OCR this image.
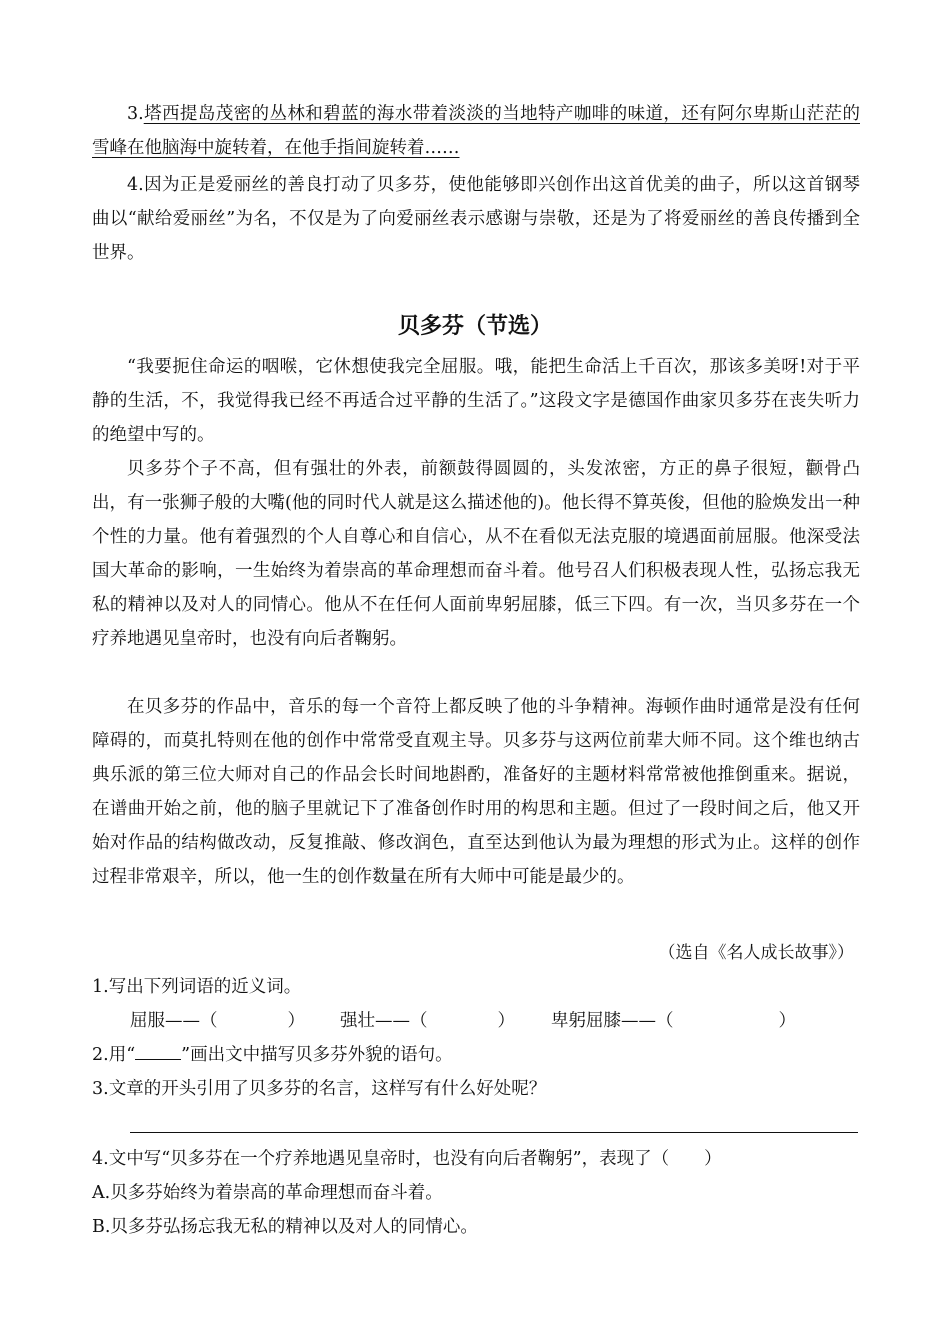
3.塔西提岛茂密的丛林和碧蓝的海水带着淡淡的当地特产咖啡的味道，还有阿尔卑斯山茫茫的雪峰在他脑海中旋转着，在他手指间旋转着……

4.因为正是爱丽丝的善良打动了贝多芬，使他能够即兴创作出这首优美的曲子，所以这首钢琴曲以“献给爱丽丝”为名，不仅是为了向爱丽丝表示感谢与崇敬，还是为了将爱丽丝的善良传播到全世界。

贝多芬（节选）

“我要扼住命运的咽喉，它休想使我完全屈服。哦，能把生命活上千百次，那该多美呀!对于平静的生活，不，我觉得我已经不再适合过平静的生活了。”这段文字是德国作曲家贝多芬在丧失听力的绝望中写的。

贝多芬个子不高，但有强壮的外表，前额鼓得圆圆的，头发浓密，方正的鼻子很短，颧骨凸出，有一张狮子般的大嘴(他的同时代人就是这么描述他的)。他长得不算英俊，但他的脸焕发出一种个性的力量。他有着强烈的个人自尊心和自信心，从不在看似无法克服的境遇面前屈服。他深受法国大革命的影响，一生始终为着崇高的革命理想而奋斗着。他号召人们积极表现人性，弘扬忘我无私的精神以及对人的同情心。他从不在任何人面前卑躬屈膝，低三下四。有一次，当贝多芬在一个疗养地遇见皇帝时，也没有向后者鞠躬。

在贝多芬的作品中，音乐的每一个音符上都反映了他的斗争精神。海顿作曲时通常是没有任何障碍的，而莫扎特则在他的创作中常常受直观主导。贝多芬与这两位前辈大师不同。这个维也纳古典乐派的第三位大师对自己的作品会长时间地斟酌，准备好的主题材料常常被他推倒重来。据说，在谱曲开始之前，他的脑子里就记下了准备创作时用的构思和主题。但过了一段时间之后，他又开始对作品的结构做改动，反复推敲、修改润色，直至达到他认为最为理想的形式为止。这样的创作过程非常艰辛，所以，他一生的创作数量在所有大师中可能是最少的。

（选自《名人成长故事》）

1.写出下列词语的近义词。

屈服——（　　　　） 强壮——（　　　　） 卑躬屈膝——（　　　　　　）

2.用“	”画出文中描写贝多芬外貌的语句。

3.文章的开头引用了贝多芬的名言，这样写有什么好处呢？

4.文中写“贝多芬在一个疗养地遇见皇帝时，也没有向后者鞠躬”，表现了（　　）

A.贝多芬始终为着崇高的革命理想而奋斗着。

B.贝多芬弘扬忘我无私的精神以及对人的同情心。
